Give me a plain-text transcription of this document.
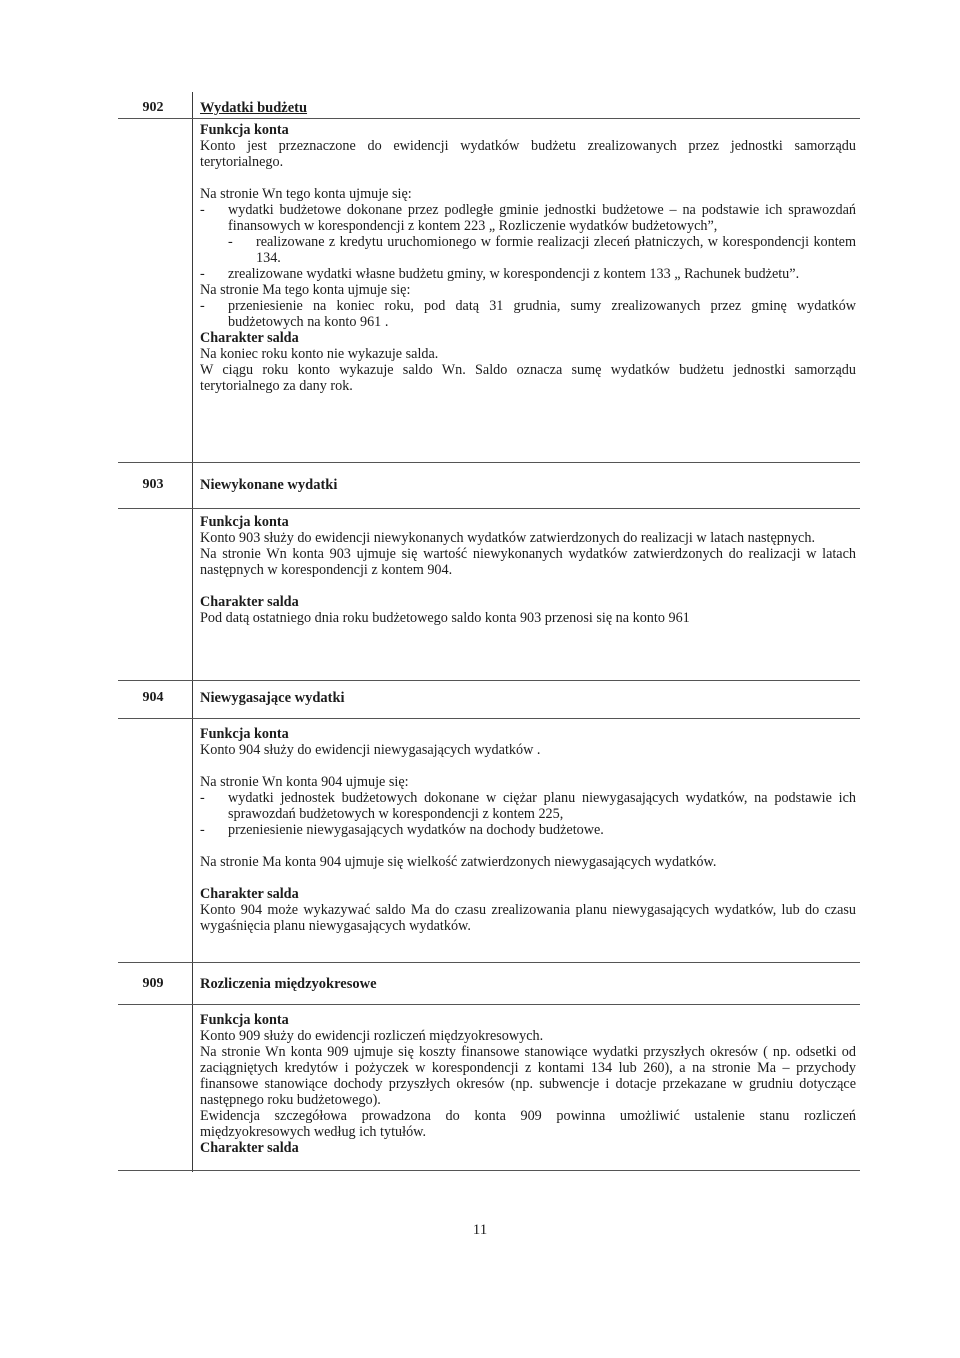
902	Wydatki budżetu
Funkcja konta

Konto jest przeznaczone do ewidencji wydatków budżetu zrealizowanych przez jednostki samorządu terytorialnego.

Na stronie Wn tego konta ujmuje się:

-	wydatki budżetowe dokonane przez podległe gminie jednostki budżetowe – na podstawie ich sprawozdań finansowych w korespondencji z kontem 223 „ Rozliczenie wydatków budżetowych”,
-	realizowane z kredytu uruchomionego w formie realizacji zleceń płatniczych, w korespondencji kontem 134.
-	zrealizowane wydatki własne budżetu gminy, w korespondencji z kontem 133 „ Rachunek budżetu”.

Na stronie Ma tego konta ujmuje się:

-	przeniesienie na koniec roku, pod datą 31 grudnia, sumy zrealizowanych przez gminę wydatków budżetowych na konto 961 .
Charakter salda

Na koniec roku konto nie wykazuje salda.

W ciągu roku konto wykazuje saldo Wn. Saldo oznacza sumę wydatków budżetu jednostki samorządu terytorialnego za dany rok.

903	Niewykonane wydatki
Funkcja konta

Konto 903 służy do ewidencji niewykonanych wydatków zatwierdzonych do realizacji w latach następnych.

Na stronie Wn konta 903 ujmuje się wartość niewykonanych wydatków zatwierdzonych do realizacji w latach następnych w korespondencji z kontem 904.

Charakter salda

Pod datą ostatniego dnia roku budżetowego saldo konta 903 przenosi się na konto 961

904	Niewygasające wydatki
Funkcja konta

Konto 904 służy do ewidencji niewygasających wydatków .

Na stronie Wn konta 904 ujmuje się:

-	wydatki jednostek budżetowych dokonane w ciężar planu niewygasających wydatków, na podstawie ich sprawozdań budżetowych w korespondencji z kontem 225,
-	przeniesienie niewygasających wydatków na dochody budżetowe.

Na stronie Ma konta 904 ujmuje się wielkość zatwierdzonych niewygasających wydatków.

Charakter salda

Konto 904 może wykazywać saldo Ma do czasu zrealizowania planu niewygasających wydatków, lub do czasu wygaśnięcia planu niewygasających wydatków.

909	Rozliczenia międzyokresowe
Funkcja konta

Konto 909 służy do ewidencji rozliczeń międzyokresowych.

Na stronie Wn konta 909 ujmuje się koszty finansowe stanowiące wydatki przyszłych okresów ( np. odsetki od zaciągniętych kredytów i pożyczek w korespondencji z kontami 134 lub 260), a na stronie Ma – przychody finansowe stanowiące dochody przyszłych okresów (np. subwencje i dotacje przekazane w grudniu dotyczące następnego roku budżetowego).

Ewidencja szczegółowa prowadzona do konta 909 powinna umożliwić ustalenie stanu rozliczeń międzyokresowych według ich tytułów.

Charakter salda
11
